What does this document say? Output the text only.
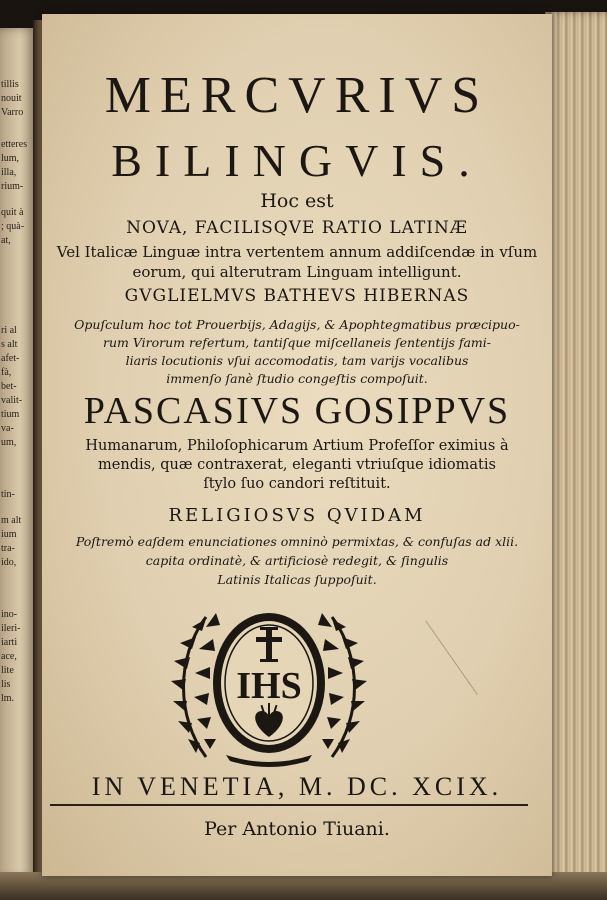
tillis
nouit
Varro
etteres
lum,
illa,
rium-
quit à
; quà-
at,
ri al
s alt
afet-
fà,
bet-
valit-
tium
va-
um,
tin-
m alt
ium
tra-
ido,
ino-
ileri-
iarti
ace,
lite
lis
lm.
MERCVRIVS
BILINGVIS.
Hoc est
NOVA, FACILISQVE RATIO LATINÆ
Vel Italicæ Linguæ intra vertentem annum addiſcendæ in vſum
eorum, qui alterutram Linguam intelligunt.
GVGLIELMVS BATHEVS HIBERNAS
Opuſculum hoc tot Prouerbijs, Adagijs, & Apophtegmatibus præcipuo-
rum Virorum refertum, tantiſque miſcellaneis ſententijs fami-
liaris locutionis vſui accomodatis, tam varijs vocalibus
immenſo ſanè ſtudio congeſtis compoſuit.
PASCASIVS GOSIPPVS
Humanarum, Philoſophicarum Artium Profeſſor eximius à
mendis, quæ contraxerat, eleganti vtriuſque idiomatis
ſtylo ſuo candori reſtituit.
RELIGIOSVS QVIDAM
Poſtremò eaſdem enunciationes omninò permixtas, & confuſas ad xlii.
capita ordinatè, & artificiosè redegit, & ſingulis
Latinis Italicas ſuppoſuit.
IHS
IN VENETIA, M. DC. XCIX.
Per Antonio Tiuani.
